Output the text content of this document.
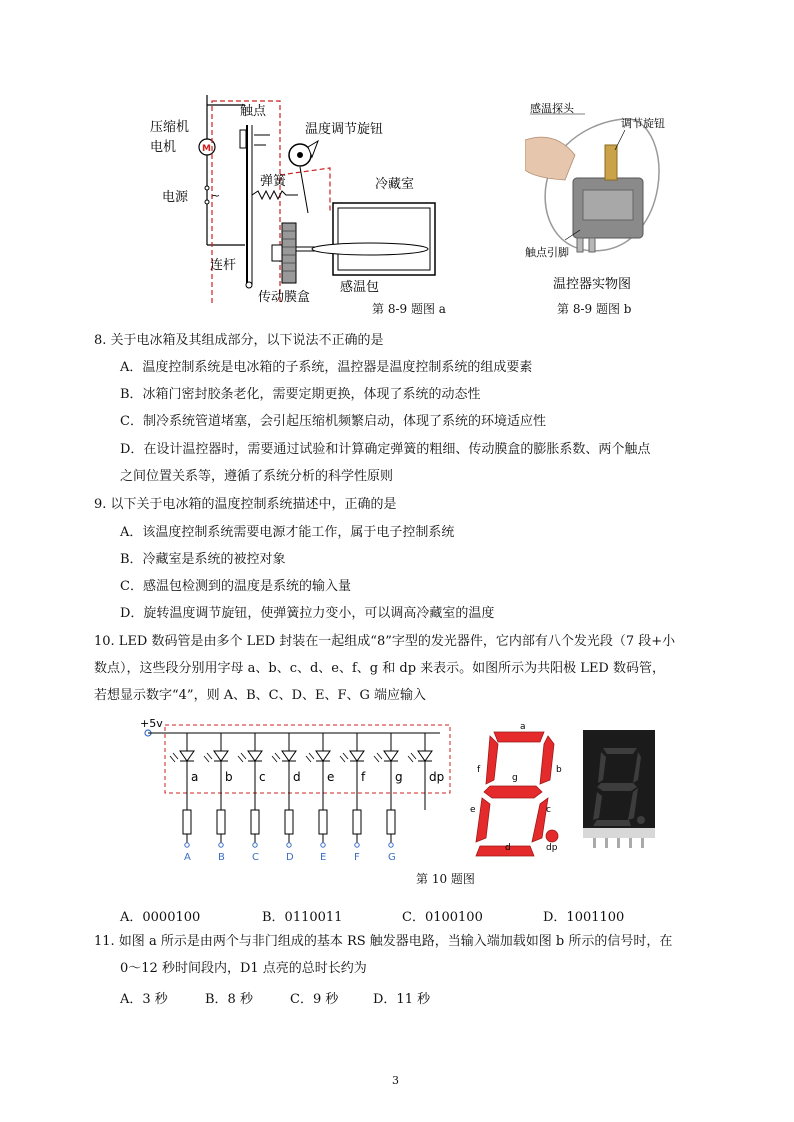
压缩机
电机	M
电源 ~
触点
温度调节旋钮
弹簧	冷藏室
连杆
感温包
传动膜盒
第 8-9 题图 a
感温探头
调节旋钮
触点引脚
温控器实物图
第 8-9 题图 b
8. 关于电冰箱及其组成部分，以下说法不正确的是
A．温度控制系统是电冰箱的子系统，温控器是温度控制系统的组成要素
B．冰箱门密封胶条老化，需要定期更换，体现了系统的动态性
C．制冷系统管道堵塞，会引起压缩机频繁启动，体现了系统的环境适应性
D．在设计温控器时，需要通过试验和计算确定弹簧的粗细、传动膜盒的膨胀系数、两个触点
之间位置关系等，遵循了系统分析的科学性原则
9. 以下关于电冰箱的温度控制系统描述中，正确的是
A．该温度控制系统需要电源才能工作，属于电子控制系统
B．冷藏室是系统的被控对象
C．感温包检测到的温度是系统的输入量
D．旋转温度调节旋钮，使弹簧拉力变小，可以调高冷藏室的温度
10. LED 数码管是由多个 LED 封装在一起组成“8”字型的发光器件，它内部有八个发光段（7 段+小
数点），这些段分别用字母 a、b、c、d、e、f、g 和 dp 来表示。如图所示为共阳极 LED 数码管，
若想显示数字“4”，则 A、B、C、D、E、F、G 端应输入
+5v
a
A
b
B
c
C
d
D
e
E
f
F
g
G
dp
a
f	b
g
e	c
d	dp
第 10 题图
A．0000100	B．0110011	C．0100100	D．1001100
11. 如图 a 所示是由两个与非门组成的基本 RS 触发器电路，当输入端加载如图 b 所示的信号时，在
0～12 秒时间段内，D1 点亮的总时长约为
A．3 秒	B．8 秒	C．9 秒	D．11 秒
3
